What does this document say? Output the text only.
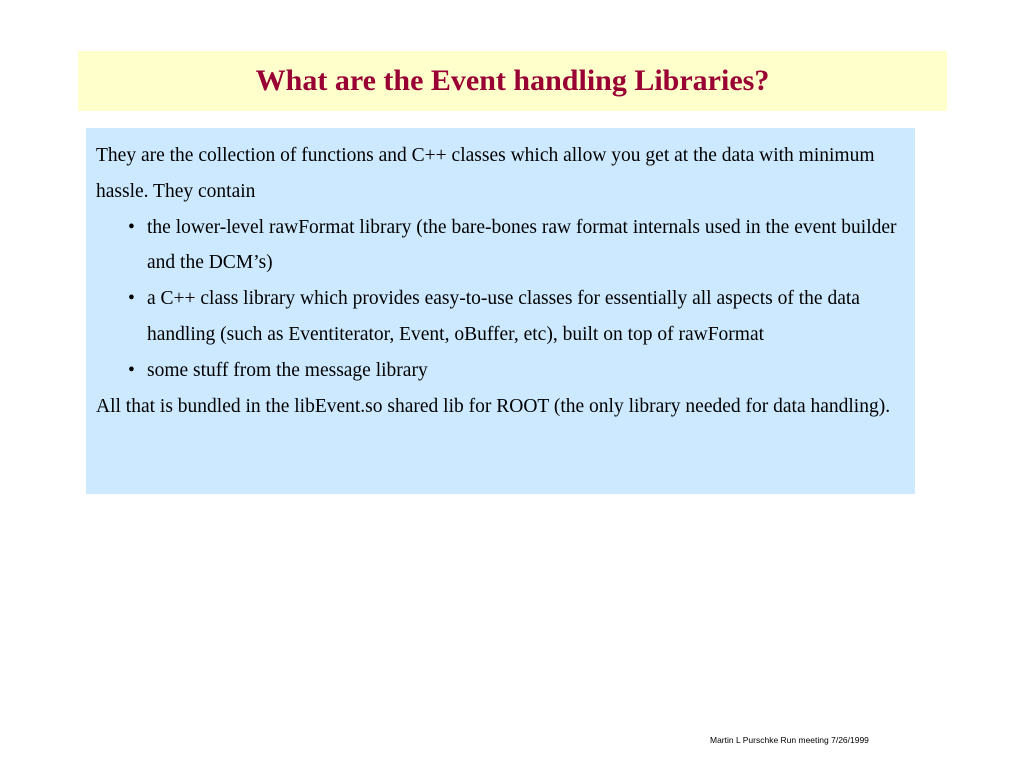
What are the Event handling Libraries?

They are the collection of functions and C++ classes which allow you get at the data with minimum hassle. They contain

• the lower-level rawFormat library (the bare-bones raw format internals used in the event builder and the DCM’s)
• a C++ class library which provides easy-to-use classes for essentially all aspects of the data handling (such as Eventiterator, Event, oBuffer, etc), built on top of rawFormat
• some stuff from the message library

All that is bundled in the libEvent.so shared lib for ROOT (the only library needed for data handling).

Martin L Purschke Run meeting 7/26/1999
